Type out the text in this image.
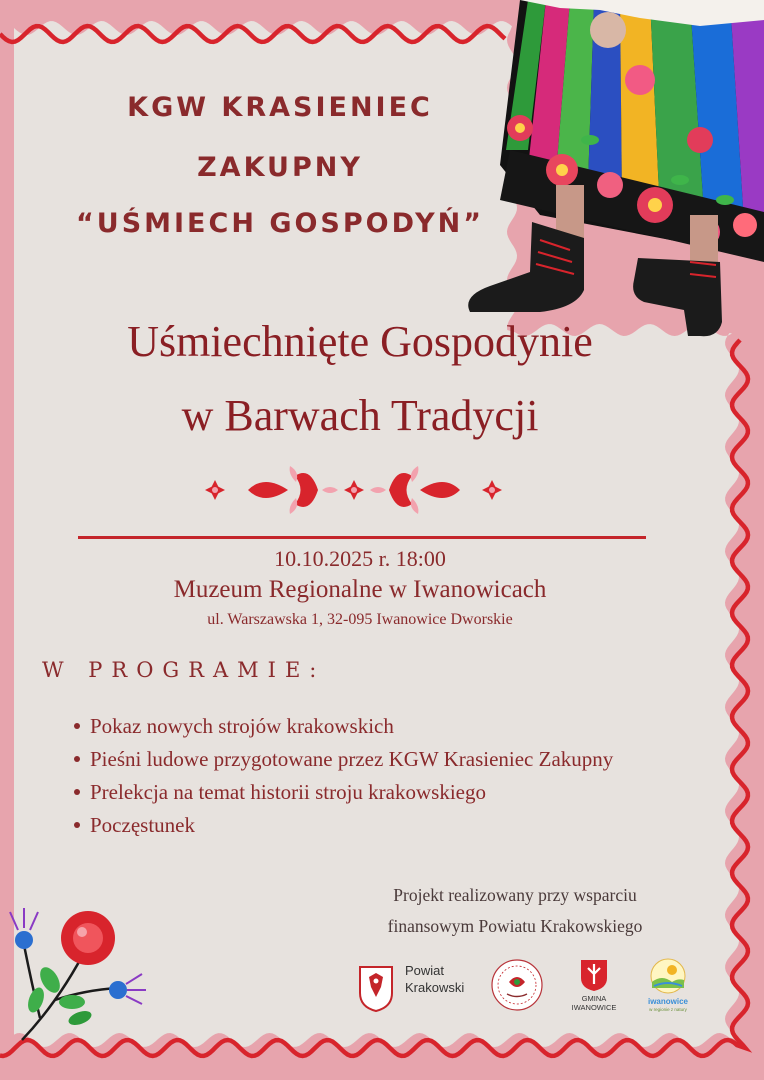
KGW KRASIENIEC
ZAKUPNY
“UŚMIECH GOSPODYŃ”
Uśmiechnięte Gospodynie
w Barwach Tradycji
10.10.2025 r. 18:00
Muzeum Regionalne w Iwanowicach
ul. Warszawska 1, 32-095 Iwanowice Dworskie
W PROGRAMIE:
Pokaz nowych strojów krakowskich
Pieśni ludowe przygotowane przez KGW Krasieniec Zakupny
Prelekcja na temat historii stroju krakowskiego
Poczęstunek
Projekt realizowany przy wsparciu
finansowym Powiatu Krakowskiego
Powiat
Krakowski
GMINA
IWANOWICE
iwanowice
w regionie z natury
